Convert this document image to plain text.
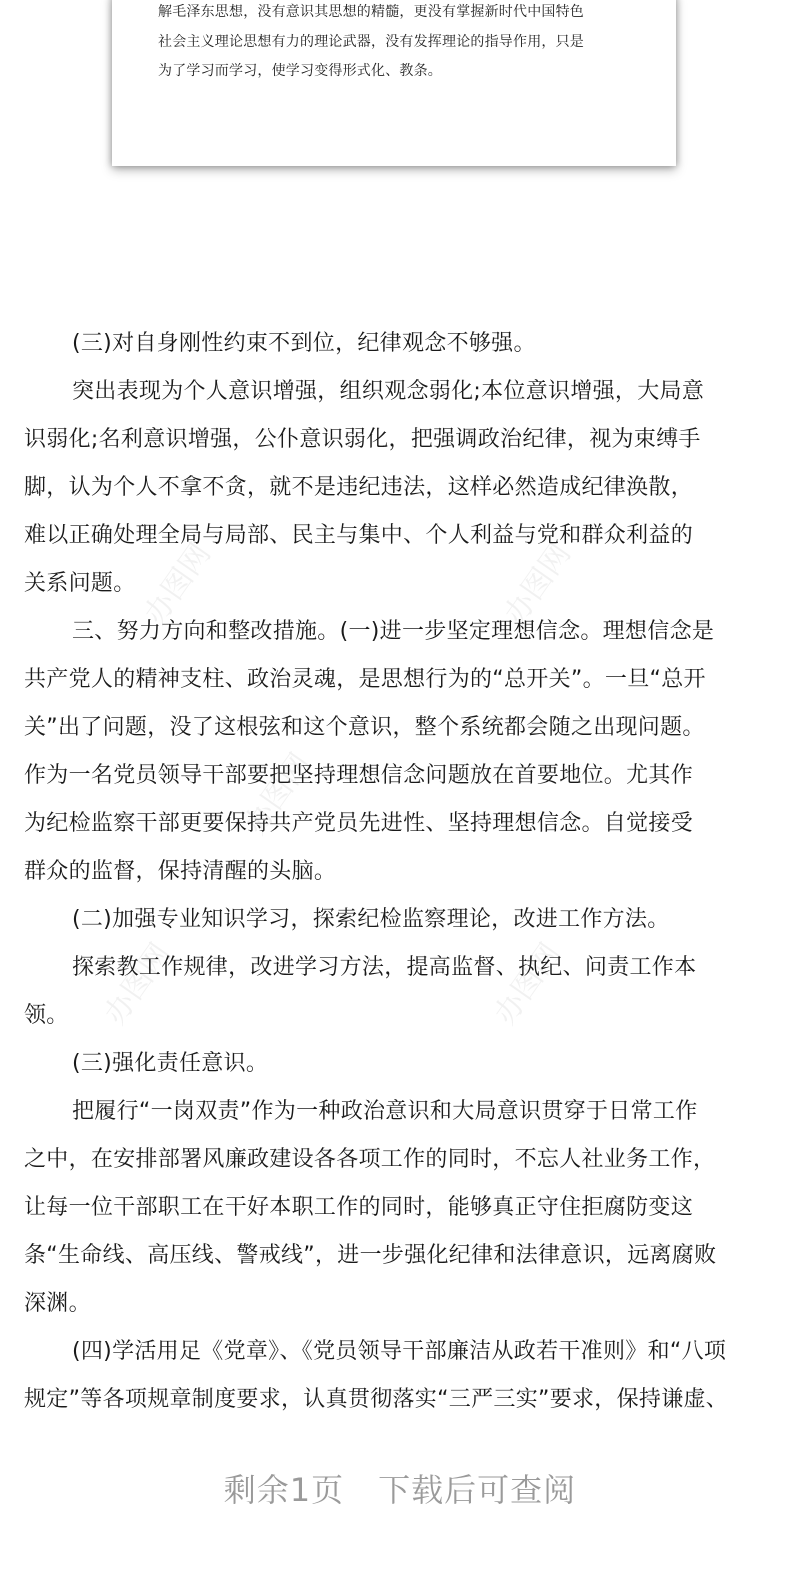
办图网	办图网
办图网
办图网	办图网
解毛泽东思想，没有意识其思想的精髓，更没有掌握新时代中国特色
社会主义理论思想有力的理论武器，没有发挥理论的指导作用，只是
为了学习而学习，使学习变得形式化、教条。
(三)对自身刚性约束不到位，纪律观念不够强。
突出表现为个人意识增强，组织观念弱化;本位意识增强，大局意
识弱化;名利意识增强，公仆意识弱化，把强调政治纪律，视为束缚手
脚，认为个人不拿不贪，就不是违纪违法，这样必然造成纪律涣散，
难以正确处理全局与局部、民主与集中、个人利益与党和群众利益的
关系问题。
三、努力方向和整改措施。(一)进一步坚定理想信念。理想信念是
共产党人的精神支柱、政治灵魂，是思想行为的“总开关”。一旦“总开
关”出了问题，没了这根弦和这个意识，整个系统都会随之出现问题。
作为一名党员领导干部要把坚持理想信念问题放在首要地位。尤其作
为纪检监察干部更要保持共产党员先进性、坚持理想信念。自觉接受
群众的监督，保持清醒的头脑。
(二)加强专业知识学习，探索纪检监察理论，改进工作方法。
探索教工作规律，改进学习方法，提高监督、执纪、问责工作本
领。
(三)强化责任意识。
把履行“一岗双责”作为一种政治意识和大局意识贯穿于日常工作
之中，在安排部署风廉政建设各各项工作的同时，不忘人社业务工作，
让每一位干部职工在干好本职工作的同时，能够真正守住拒腐防变这
条“生命线、高压线、警戒线”，进一步强化纪律和法律意识，远离腐败
深渊。
(四)学活用足《党章》、《党员领导干部廉洁从政若干准则》和“八项
规定”等各项规章制度要求，认真贯彻落实“三严三实”要求，保持谦虚、
剩余1页 下载后可查阅
